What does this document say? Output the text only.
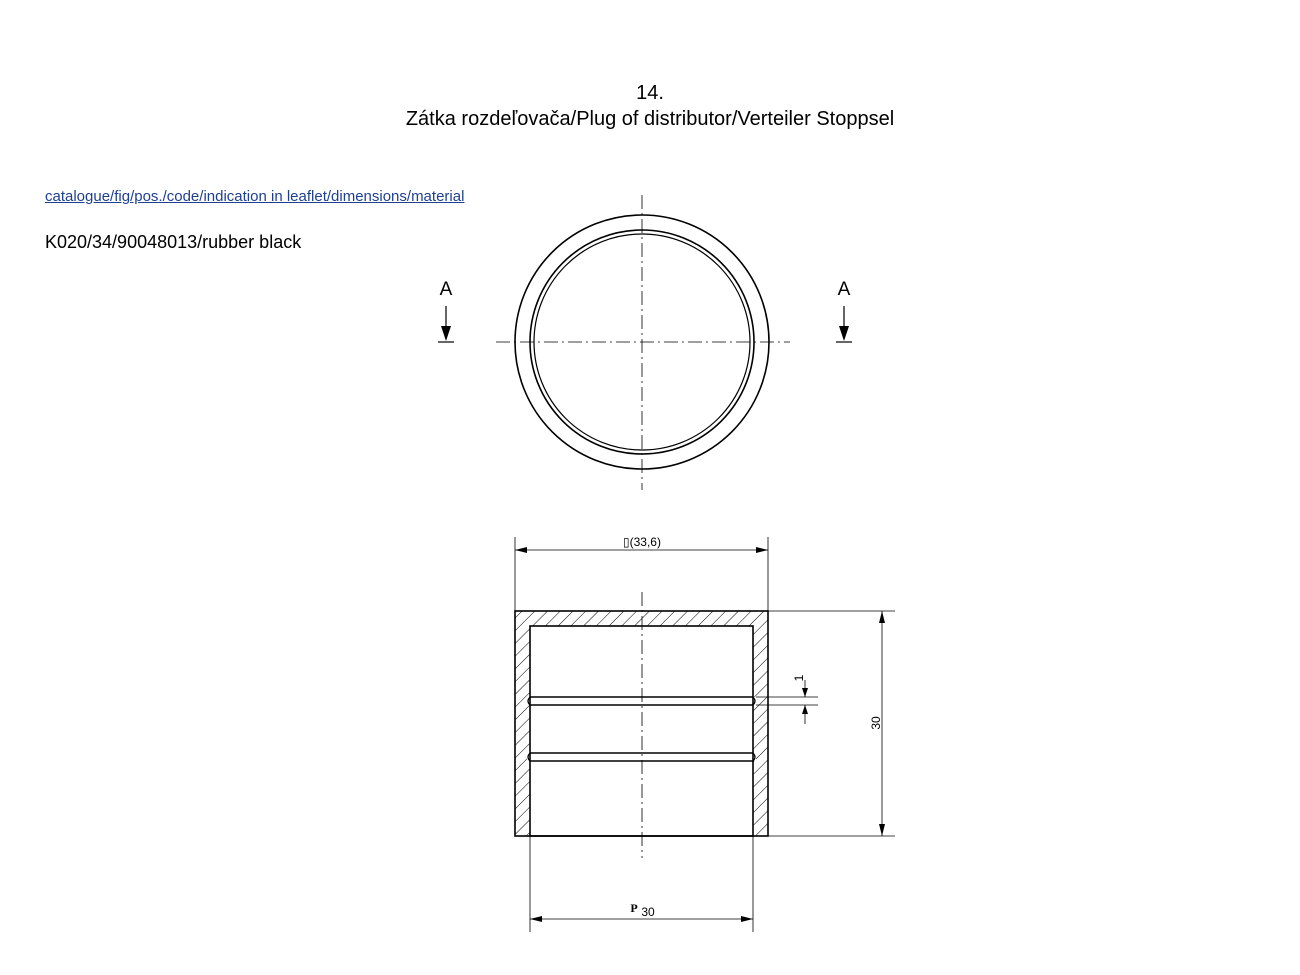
14.
Zátka rozdeľovača/Plug of distributor/Verteiler Stoppsel
catalogue/fig/pos./code/indication in leaflet/dimensions/material
K020/34/90048013/rubber black
A	A
▯(33,6)
30
1
P 30
